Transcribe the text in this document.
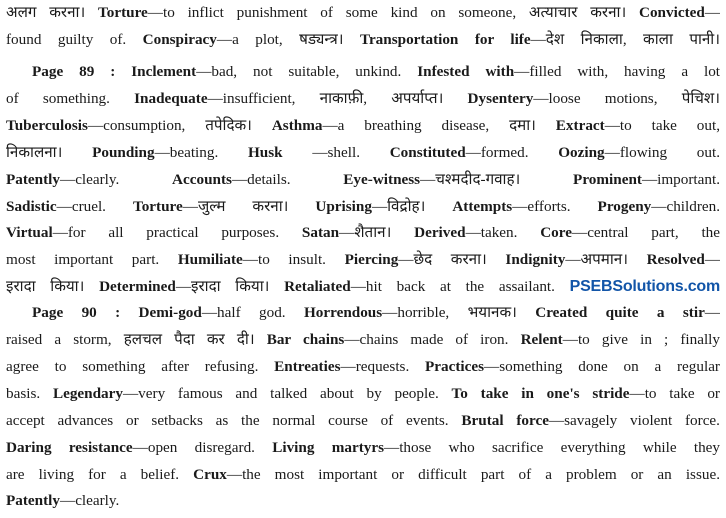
अलग करना। Torture—to inflict punishment of some kind on someone, अत्याचार करना। Convicted—
found guilty of. Conspiracy—a plot, षड्यन्त्र। Transportation for life—देश निकाला, काला पानी।
Page 89 : Inclement—bad, not suitable, unkind. Infested with—filled with, having a lot
of something. Inadequate—insufficient, नाकाफ़ी, अपर्याप्त। Dysentery—loose motions, पेचिश।
Tuberculosis—consumption, तपेदिक। Asthma—a breathing disease, दमा। Extract—to take out,
निकालना। Pounding—beating. Husk —shell. Constituted—formed. Oozing—flowing out.
Patently—clearly. Accounts—details. Eye-witness—चश्मदीद-गवाह। Prominent—important.
Sadistic—cruel. Torture—जुल्म करना। Uprising—विद्रोह। Attempts—efforts. Progeny—children.
Virtual—for all practical purposes. Satan—शैतान। Derived—taken. Core—central part, the
most important part. Humiliate—to insult. Piercing—छेद करना। Indignity—अपमान। Resolved—
इरादा किया। Determined—इरादा किया। Retaliated—hit back at the assailant. PSEBSolutions.com
Page 90 : Demi-god—half god. Horrendous—horrible, भयानक। Created quite a stir—
raised a storm, हलचल पैदा कर दी। Bar chains—chains made of iron. Relent—to give in ; finally
agree to something after refusing. Entreaties—requests. Practices—something done on a regular
basis. Legendary—very famous and talked about by people. To take in one's stride—to take or
accept advances or setbacks as the normal course of events. Brutal force—savagely violent force.
Daring resistance—open disregard. Living martyrs—those who sacrifice everything while they
are living for a belief. Crux—the most important or difficult part of a problem or an issue.
Patently—clearly.
